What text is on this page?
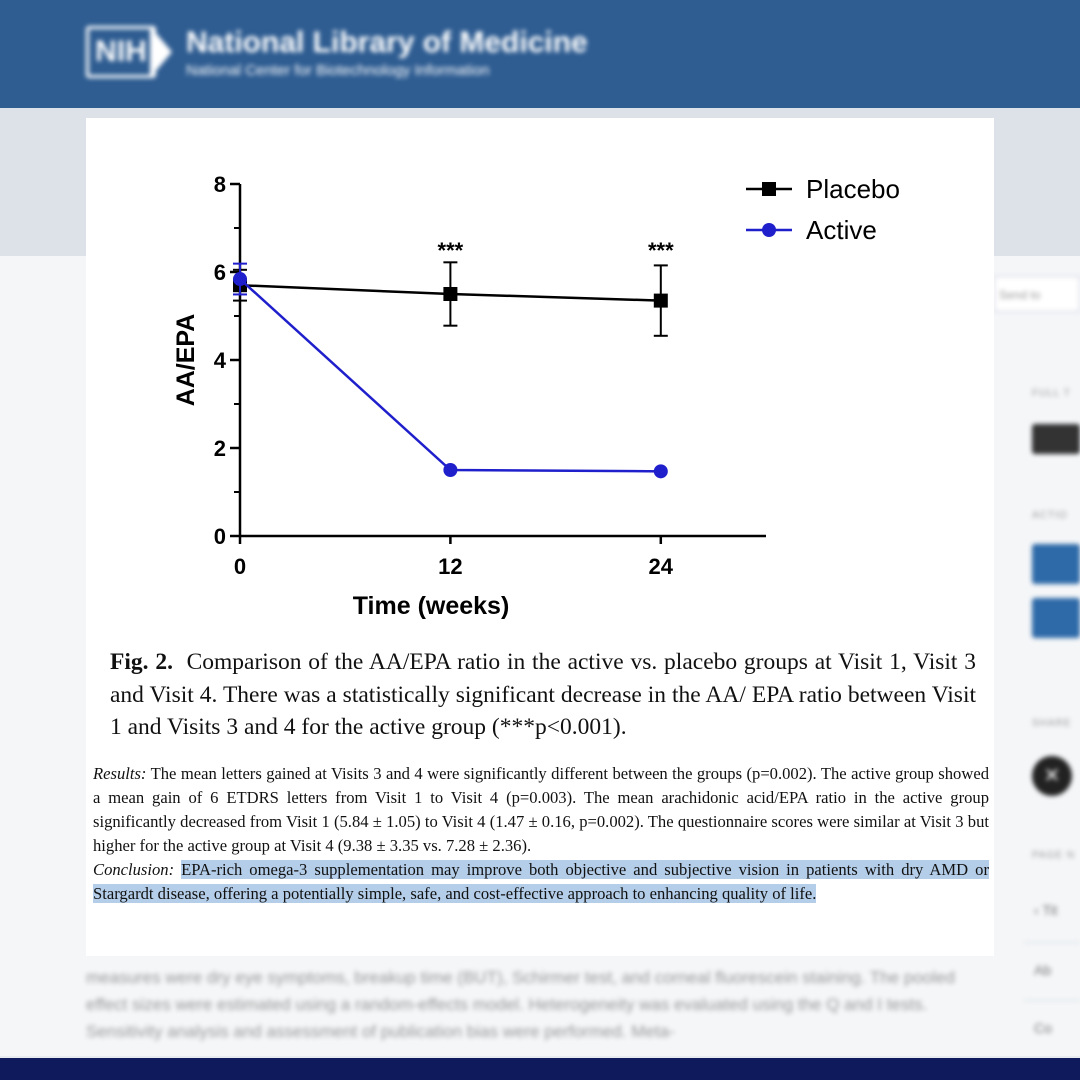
NIH	National Library of Medicine
National Center for Biotechnology Information
Send to
FULL T
ACTIO
SHARE
✕
PAGE N
‹ Tit
Ab
Co
measures were dry eye symptoms, breakup time (BUT), Schirmer test, and corneal fluorescein staining. The pooled effect sizes were estimated using a random-effects model. Heterogeneity was evaluated using the Q and I tests. Sensitivity analysis and assessment of publication bias were performed. Meta-
0
2
4
6
8
0	12	24
Time (weeks)
AA/EPA
***	***
Placebo
Active
Fig. 2. Comparison of the AA/EPA ratio in the active vs. placebo groups at Visit 1, Visit 3 and Visit 4. There was a statistically significant decrease in the AA/ EPA ratio between Visit 1 and Visits 3 and 4 for the active group (***p<0.001).
Results: The mean letters gained at Visits 3 and 4 were significantly different between the groups (p=0.002). The active group showed a mean gain of 6 ETDRS letters from Visit 1 to Visit 4 (p=0.003). The mean arachidonic acid/EPA ratio in the active group significantly decreased from Visit 1 (5.84 ± 1.05) to Visit 4 (1.47 ± 0.16, p=0.002). The questionnaire scores were similar at Visit 3 but higher for the active group at Visit 4 (9.38 ± 3.35 vs. 7.28 ± 2.36).
Conclusion: EPA-rich omega-3 supplementation may improve both objective and subjective vision in patients with dry AMD or Stargardt disease, offering a potentially simple, safe, and cost-effective approach to enhancing quality of life.
